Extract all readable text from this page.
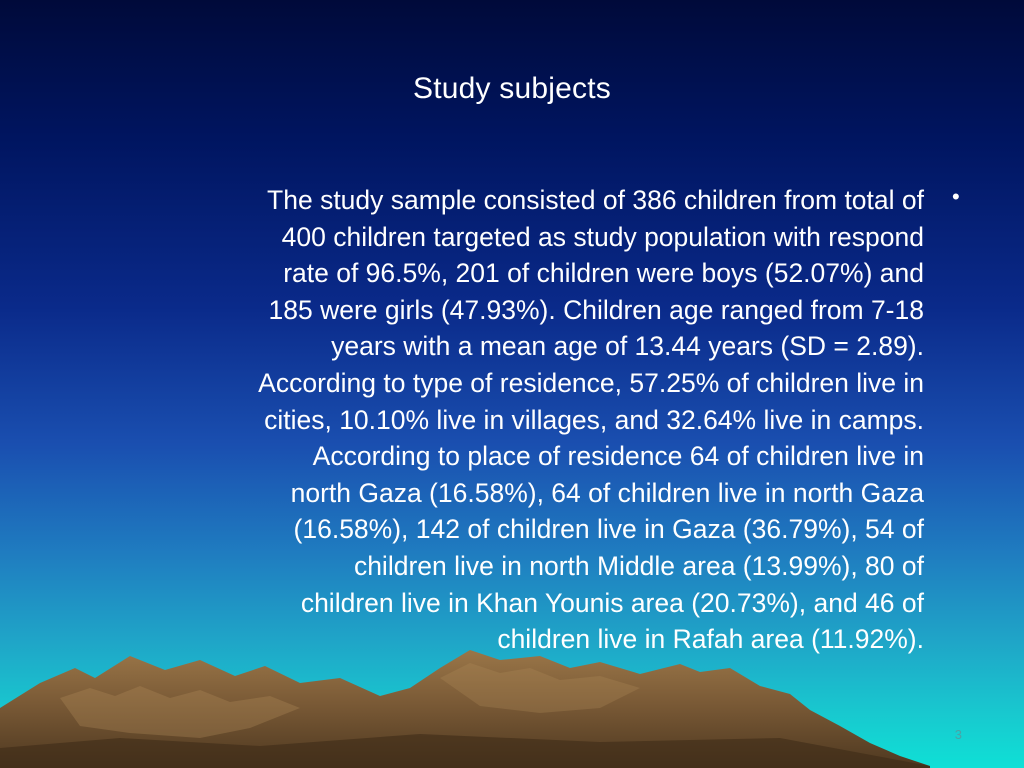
Study subjects
•
The study sample consisted of 386 children from total of
400 children targeted as study population with respond
rate of 96.5%, 201 of children were boys (52.07%) and
185 were girls (47.93%). Children age ranged from 7-18
years with a mean age of 13.44 years (SD = 2.89).
According to type of residence, 57.25% of children live in
cities, 10.10% live in villages, and 32.64% live in camps.
According to place of residence 64 of children live in
north Gaza (16.58%), 64 of children live in north Gaza
(16.58%), 142 of children live in Gaza (36.79%), 54 of
children live in north Middle area (13.99%), 80 of
children live in Khan Younis area (20.73%), and 46 of
children live in Rafah area (11.92%).
3
